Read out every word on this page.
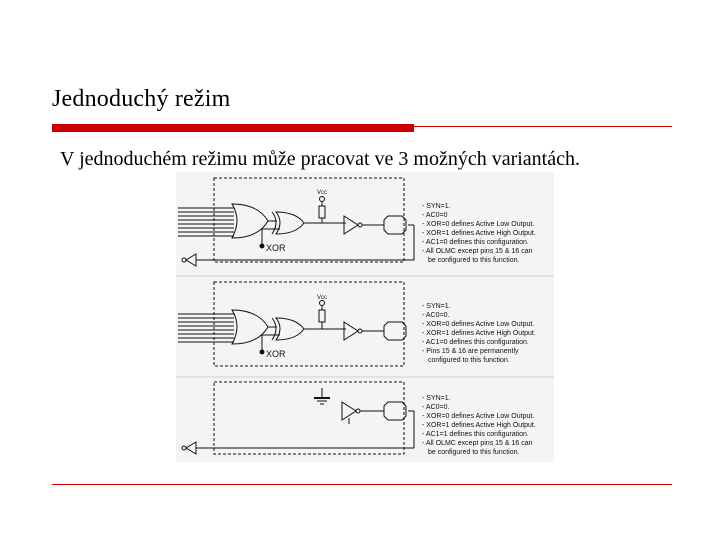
Jednoduchý režim
V jednoduchém režimu může pracovat ve 3 možných variantách.
Vcc
XOR
- SYN=1.
- AC0=0
- XOR=0 defines Active Low Output.
- XOR=1 defines Active High Output.
- AC1=0 defines this configuration.
- All OLMC except pins 15 & 16 can
be configured to this function.
Vcc
XOR
- SYN=1.
- AC0=0.
- XOR=0 defines Active Low Output.
- XOR=1 defines Active High Output.
- AC1=0 defines this configuration.
- Pins 15 & 16 are permanently
configured to this function.
- SYN=1.
- AC0=0.
- XOR=0 defines Active Low Output.
- XOR=1 defines Active High Output.
- AC1=1 defines this configuration.
- All OLMC except pins 15 & 16 can
be configured to this function.
